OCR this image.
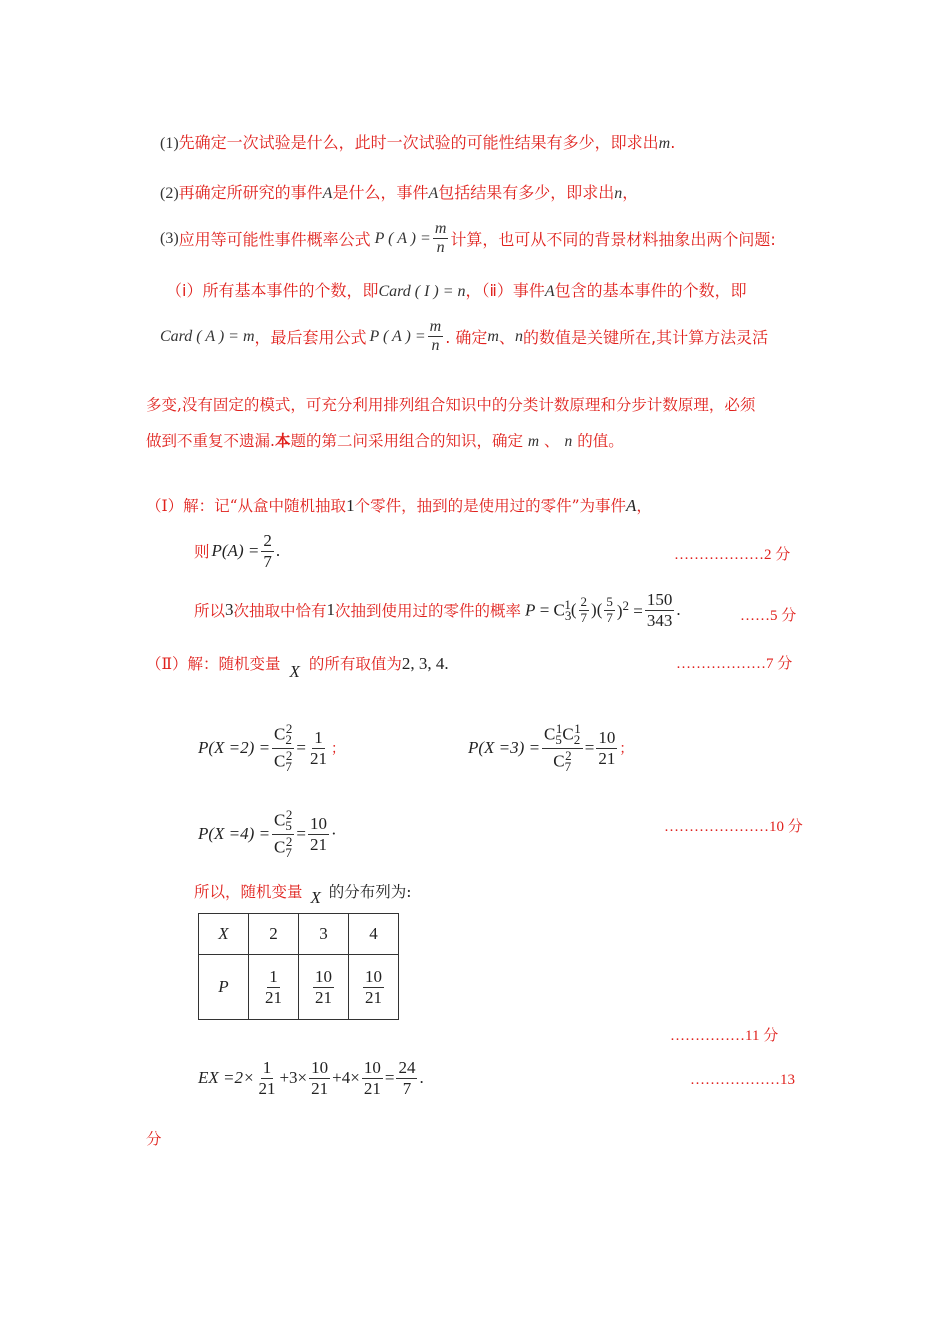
(1)先确定一次试验是什么，此时一次试验的可能性结果有多少，即求出m.
(2)再确定所研究的事件A是什么，事件A包括结果有多少，即求出n，
(3) 应用等可能性事件概率公式 P ( A ) = $\frac{m}{n}$ 计算，也可从不同的背景材料抽象出两个问题:
（ⅰ）所有基本事件的个数，即Card ( I ) = n，（ⅱ）事件A包含的基本事件的个数，即
Card ( A ) = m ，最后套用公式 P ( A ) = $\frac{m}{n}$ . 确定 m 、 n 的数值是关键所在,其计算方法灵活
多变,没有固定的模式，可充分利用排列组合知识中的分类计数原理和分步计数原理，必须
做到不重复不遗漏.本题的第二问采用组合的知识，确定 m 、 n 的值。
（Ⅰ）解：记“从盒中随机抽取1个零件，抽到的是使用过的零件”为事件A，
则 $P(A) = \frac{2}{7}$ .	………………2 分
所以 3 次抽取中恰有 1 次抽到使用过的零件的概率 $P = C_3^1$ ( $\frac{2}{7}$ )( $\frac{5}{7} )^2 = \frac{150}{343}$ .	……5 分
（Ⅱ）解：随机变量 X 的所有取值为2, 3, 4.	………………7 分
$P(X =2) = \frac{C_2^2}{C_7^2} = \frac{1}{21}$ ；	$P(X =3) = \frac{C_5^1C_2^1}{C_7^2} = \frac{10}{21}$ ；
$P(X =4) = \frac{C_5^2}{C_7^2} = \frac{10}{21}$ ·	…………………10 分
所以，随机变量 X 的分布列为:
X	2	3	4
P	$\frac{1}{21}$	$\frac{10}{21}$	$\frac{10}{21}$
……………11 分
EX $=2\times \frac{1}{21} +3\times \frac{10}{21} +4\times \frac{10}{21} = \frac{24}{7}$ .	………………13
分
